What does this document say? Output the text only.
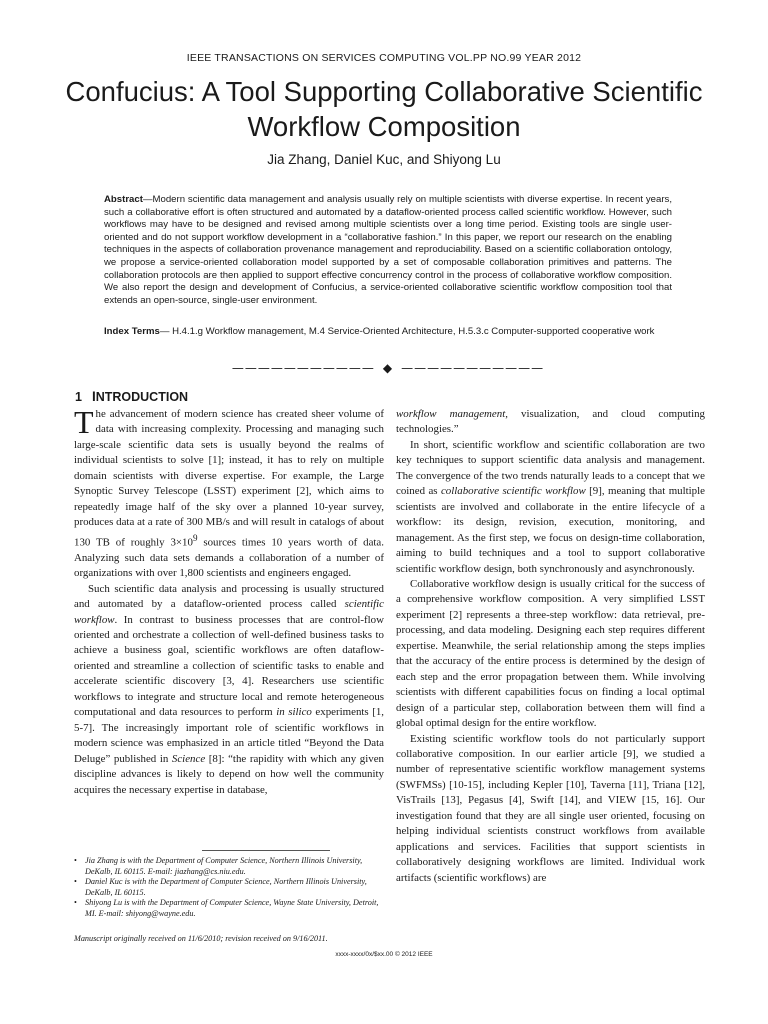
IEEE TRANSACTIONS ON SERVICES COMPUTING VOL.PP NO.99 YEAR 2012
Confucius: A Tool Supporting Collaborative Scientific Workflow Composition
Jia Zhang, Daniel Kuc, and Shiyong Lu

Abstract—Modern scientific data management and analysis usually rely on multiple scientists with diverse expertise. In recent years, such a collaborative effort is often structured and automated by a dataflow-oriented process called scientific workflow. However, such workflows may have to be designed and revised among multiple scientists over a long time period. Existing tools are single user-oriented and do not support workflow development in a “collaborative fashion.” In this paper, we report our research on the enabling techniques in the aspects of collaboration provenance management and reproduciability. Based on a scientific collaboration ontology, we propose a service-oriented collaboration model supported by a set of composable collaboration primitives and patterns. The collaboration protocols are then applied to support effective concurrency control in the process of collaborative workflow composition. We also report the design and development of Confucius, a service-oriented collaborative scientific workflow composition tool that extends an open-source, single-user environment.

Index Terms— H.4.1.g Workflow management, M.4 Service-Oriented Architecture, H.5.3.c Computer-supported cooperative work

——————————— ◆ ———————————
1 INTRODUCTION

The advancement of modern science has created sheer volume of data with increasing complexity. Processing and managing such large-scale scientific data sets is usually beyond the realms of individual scientists to solve [1]; instead, it has to rely on multiple domain scientists with diverse expertise. For example, the Large Synoptic Survey Telescope (LSST) experiment [2], which aims to repeatedly image half of the sky over a planned 10-year survey, produces data at a rate of 300 MB/s and will result in catalogs of about 130 TB of roughly $3\times 10^9$ sources times 10 years worth of data. Analyzing such data sets demands a collaboration of a number of organizations with over 1,800 scientists and engineers engaged.

Such scientific data analysis and processing is usually structured and automated by a dataflow-oriented process called scientific workflow. In contrast to business processes that are control-flow oriented and orchestrate a collection of well-defined business tasks to achieve a business goal, scientific workflows are often dataflow-oriented and streamline a collection of scientific tasks to enable and accelerate scientific discovery [3, 4]. Researchers use scientific workflows to integrate and structure local and remote heterogeneous computational and data resources to perform in silico experiments [1, 5-7]. The increasingly important role of scientific workflows in modern science was emphasized in an article titled “Beyond the Data Deluge” published in Science [8]: “the rapidity with which any given discipline advances is likely to depend on how well the community acquires the necessary expertise in database,

workflow management, visualization, and cloud computing technologies.”

In short, scientific workflow and scientific collaboration are two key techniques to support scientific data analysis and management. The convergence of the two trends naturally leads to a concept that we coined as collaborative scientific workflow [9], meaning that multiple scientists are involved and collaborate in the entire lifecycle of a workflow: its design, revision, execution, monitoring, and management. As the first step, we focus on design-time collaboration, aiming to build techniques and a tool to support collaborative scientific workflow design, both synchronously and asynchronously.

Collaborative workflow design is usually critical for the success of a comprehensive workflow composition. A very simplified LSST experiment [2] represents a three-step workflow: data retrieval, pre-processing, and data modeling. Designing each step requires different expertise. Meanwhile, the serial relationship among the steps implies that the accuracy of the entire process is determined by the design of each step and the error propagation between them. While involving scientists with different capabilities focus on finding a local optimal design of a particular step, collaboration between them will find a global optimal design for the entire workflow.

Existing scientific workflow tools do not particularly support collaborative composition. In our earlier article [9], we studied a number of representative scientific workflow management systems (SWFMSs) [10-15], including Kepler [10], Taverna [11], Triana [12], VisTrails [13], Pegasus [4], Swift [14], and VIEW [15, 16]. Our investigation found that they are all single user oriented, focusing on helping individual scientists construct workflows from available applications and services. Facilities that support scientists in collaboratively designing workflows are limited. Individual work artifacts (scientific workflows) are

• Jia Zhang is with the Department of Computer Science, Northern Illinois University, DeKalb, IL 60115. E-mail: jiazhang@cs.niu.edu.
• Daniel Kuc is with the Department of Computer Science, Northern Illinois University, DeKalb, IL 60115.
• Shiyong Lu is with the Department of Computer Science, Wayne State University, Detroit, MI. E-mail: shiyong@wayne.edu.
Manuscript originally received on 11/6/2010; revision received on 9/16/2011.
xxxx-xxxx/0x/$xx.00 © 2012 IEEE
